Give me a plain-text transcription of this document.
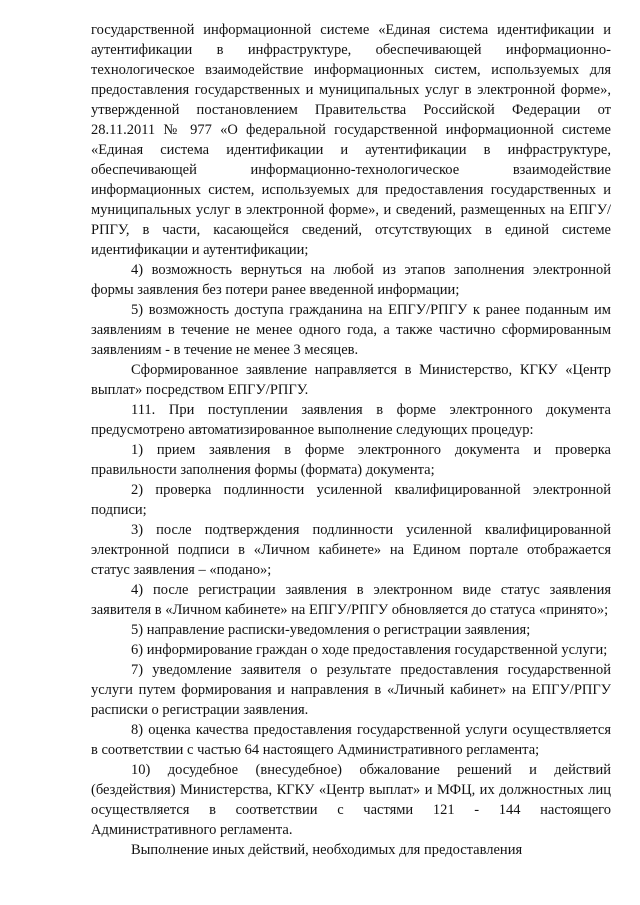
государственной информационной системе «Единая система идентификации и аутентификации в инфраструктуре, обеспечивающей информационно-технологическое взаимодействие информационных систем, используемых для предоставления государственных и муниципальных услуг в электронной форме», утвержденной постановлением Правительства Российской Федерации от 28.11.2011 № 977 «О федеральной государственной информационной системе «Единая система идентификации и аутентификации в инфраструктуре, обеспечивающей информационно-технологическое взаимодействие информационных систем, используемых для предоставления государственных и муниципальных услуг в электронной форме», и сведений, размещенных на ЕПГУ/РПГУ, в части, касающейся сведений, отсутствующих в единой системе идентификации и аутентификации;

4) возможность вернуться на любой из этапов заполнения электронной формы заявления без потери ранее введенной информации;

5) возможность доступа гражданина на ЕПГУ/РПГУ к ранее поданным им заявлениям в течение не менее одного года, а также частично сформированным заявлениям - в течение не менее 3 месяцев.

Сформированное заявление направляется в Министерство, КГКУ «Центр выплат» посредством ЕПГУ/РПГУ.

111. При поступлении заявления в форме электронного документа предусмотрено автоматизированное выполнение следующих процедур:

1) прием заявления в форме электронного документа и проверка правильности заполнения формы (формата) документа;

2) проверка подлинности усиленной квалифицированной электронной подписи;

3) после подтверждения подлинности усиленной квалифицированной электронной подписи в «Личном кабинете» на Едином портале отображается статус заявления – «подано»;

4) после регистрации заявления в электронном виде статус заявления заявителя в «Личном кабинете» на ЕПГУ/РПГУ обновляется до статуса «принято»;

5) направление расписки-уведомления о регистрации заявления;

6) информирование граждан о ходе предоставления государственной услуги;

7) уведомление заявителя о результате предоставления государственной услуги путем формирования и направления в «Личный кабинет» на ЕПГУ/РПГУ расписки о регистрации заявления.

8) оценка качества предоставления государственной услуги осуществляется в соответствии с частью 64 настоящего Административного регламента;

10) досудебное (внесудебное) обжалование решений и действий (бездействия) Министерства, КГКУ «Центр выплат» и МФЦ, их должностных лиц осуществляется в соответствии с частями 121 - 144 настоящего Административного регламента.

Выполнение иных действий, необходимых для предоставления
